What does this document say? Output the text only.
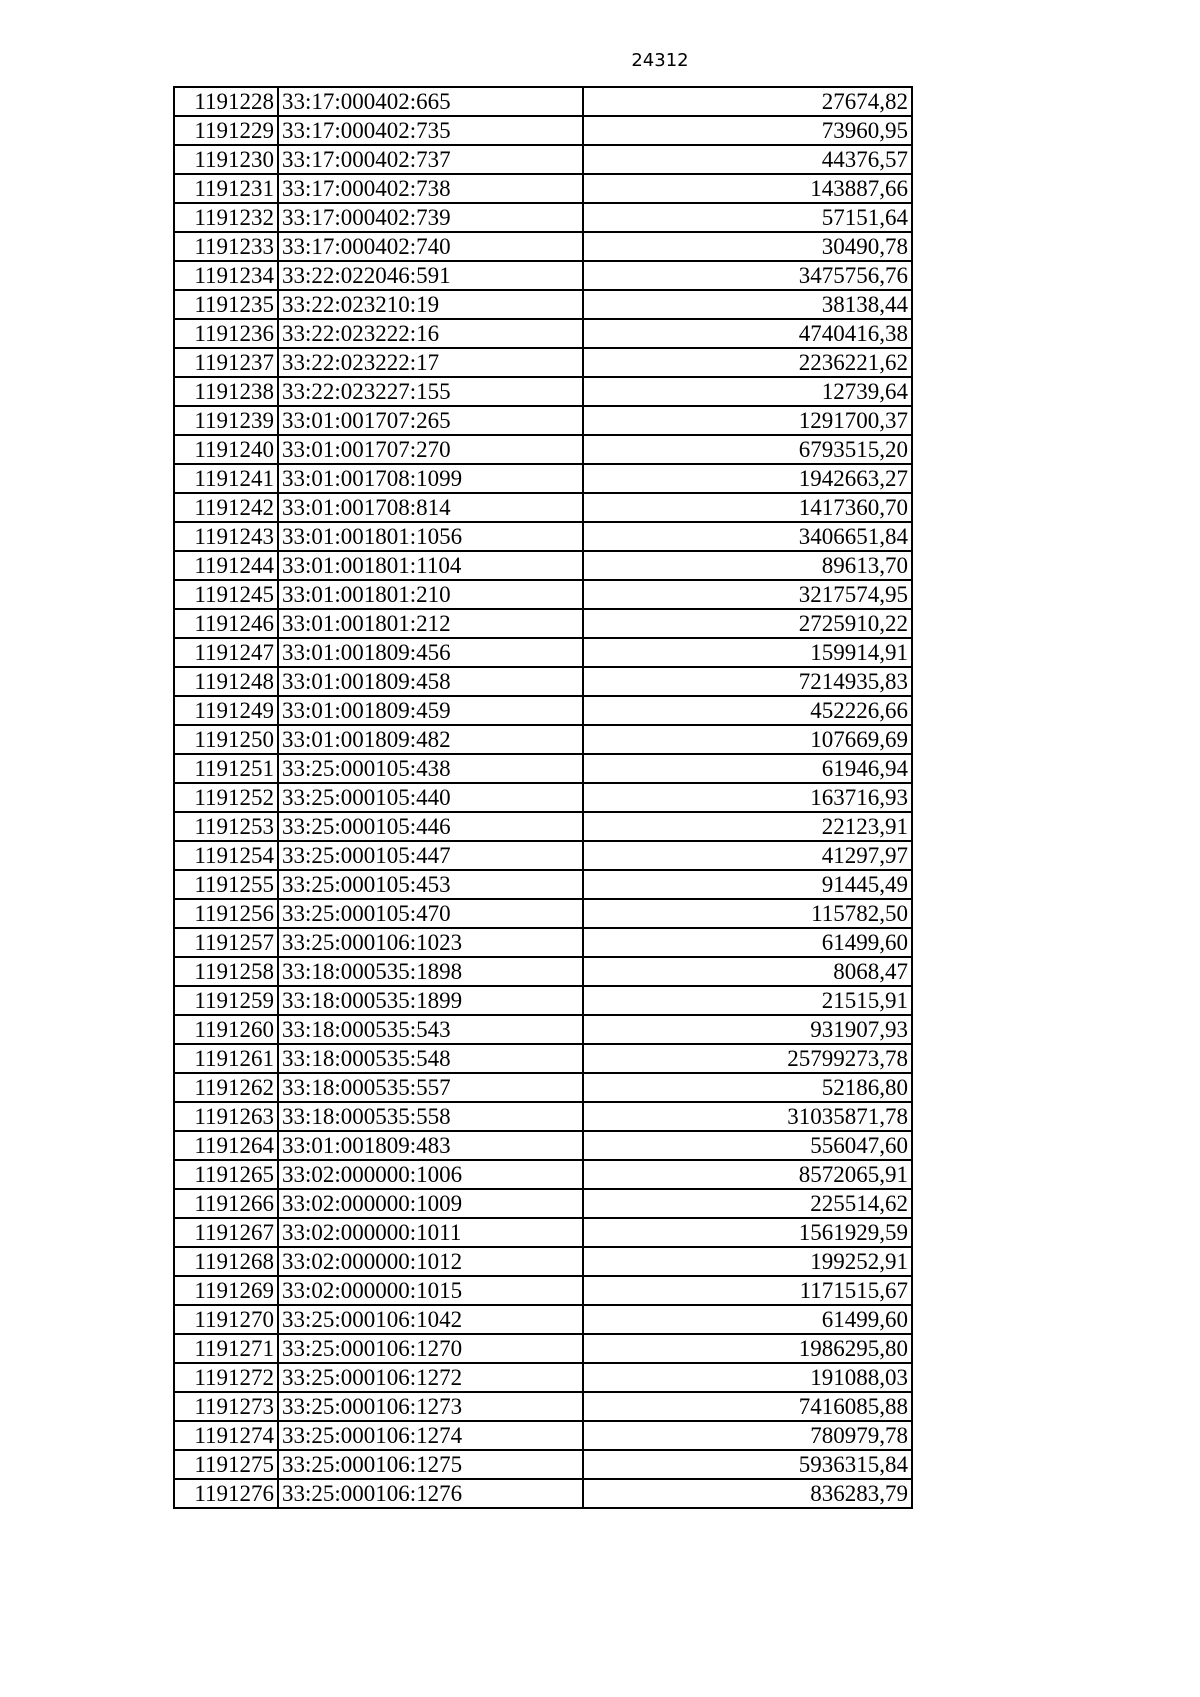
24312
1191228	33:17:000402:665	27674,82
1191229	33:17:000402:735	73960,95
1191230	33:17:000402:737	44376,57
1191231	33:17:000402:738	143887,66
1191232	33:17:000402:739	57151,64
1191233	33:17:000402:740	30490,78
1191234	33:22:022046:591	3475756,76
1191235	33:22:023210:19	38138,44
1191236	33:22:023222:16	4740416,38
1191237	33:22:023222:17	2236221,62
1191238	33:22:023227:155	12739,64
1191239	33:01:001707:265	1291700,37
1191240	33:01:001707:270	6793515,20
1191241	33:01:001708:1099	1942663,27
1191242	33:01:001708:814	1417360,70
1191243	33:01:001801:1056	3406651,84
1191244	33:01:001801:1104	89613,70
1191245	33:01:001801:210	3217574,95
1191246	33:01:001801:212	2725910,22
1191247	33:01:001809:456	159914,91
1191248	33:01:001809:458	7214935,83
1191249	33:01:001809:459	452226,66
1191250	33:01:001809:482	107669,69
1191251	33:25:000105:438	61946,94
1191252	33:25:000105:440	163716,93
1191253	33:25:000105:446	22123,91
1191254	33:25:000105:447	41297,97
1191255	33:25:000105:453	91445,49
1191256	33:25:000105:470	115782,50
1191257	33:25:000106:1023	61499,60
1191258	33:18:000535:1898	8068,47
1191259	33:18:000535:1899	21515,91
1191260	33:18:000535:543	931907,93
1191261	33:18:000535:548	25799273,78
1191262	33:18:000535:557	52186,80
1191263	33:18:000535:558	31035871,78
1191264	33:01:001809:483	556047,60
1191265	33:02:000000:1006	8572065,91
1191266	33:02:000000:1009	225514,62
1191267	33:02:000000:1011	1561929,59
1191268	33:02:000000:1012	199252,91
1191269	33:02:000000:1015	1171515,67
1191270	33:25:000106:1042	61499,60
1191271	33:25:000106:1270	1986295,80
1191272	33:25:000106:1272	191088,03
1191273	33:25:000106:1273	7416085,88
1191274	33:25:000106:1274	780979,78
1191275	33:25:000106:1275	5936315,84
1191276	33:25:000106:1276	836283,79
